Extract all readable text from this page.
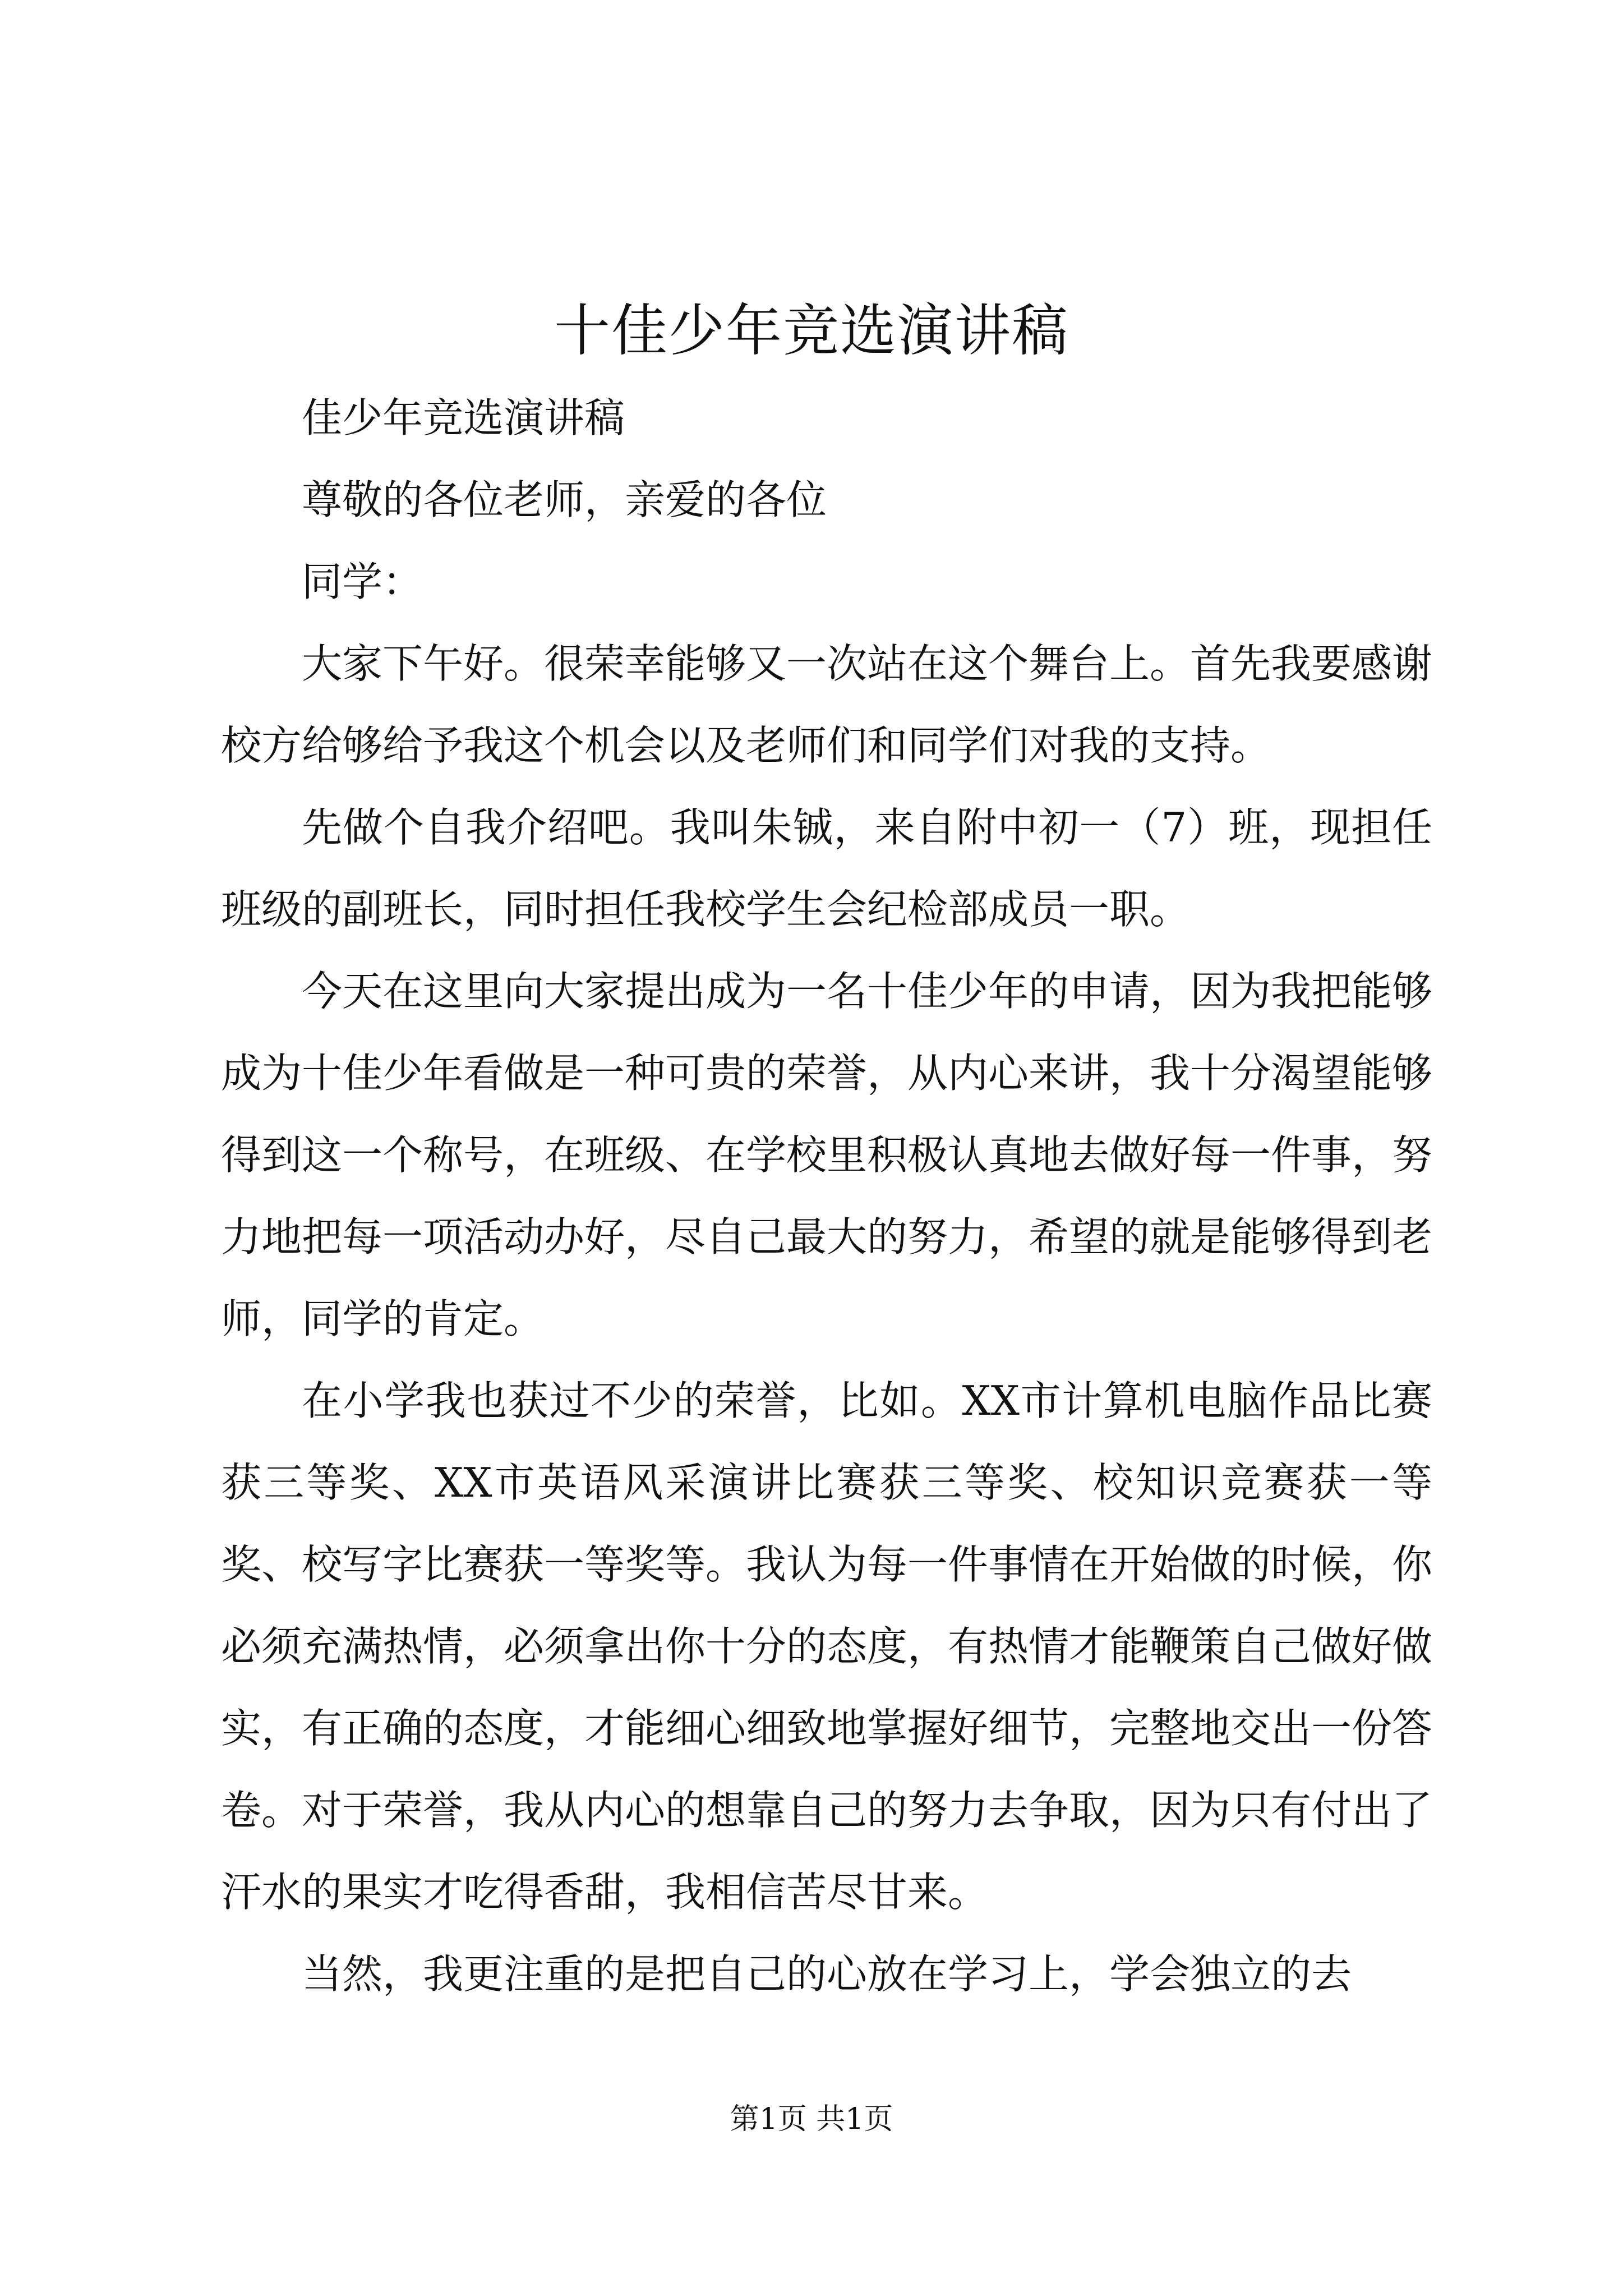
十佳少年竞选演讲稿

佳少年竞选演讲稿

尊敬的各位老师，亲爱的各位

同学：

大家下午好。很荣幸能够又一次站在这个舞台上。首先我要感谢校方给够给予我这个机会以及老师们和同学们对我的支持。

先做个自我介绍吧。我叫朱铖，来自附中初一（7）班，现担任班级的副班长，同时担任我校学生会纪检部成员一职。

今天在这里向大家提出成为一名十佳少年的申请，因为我把能够成为十佳少年看做是一种可贵的荣誉，从内心来讲，我十分渴望能够得到这一个称号，在班级、在学校里积极认真地去做好每一件事，努力地把每一项活动办好，尽自己最大的努力，希望的就是能够得到老师，同学的肯定。

在小学我也获过不少的荣誉，比如。XX市计算机电脑作品比赛获三等奖、XX市英语风采演讲比赛获三等奖、校知识竞赛获一等奖、校写字比赛获一等奖等。我认为每一件事情在开始做的时候，你必须充满热情，必须拿出你十分的态度，有热情才能鞭策自己做好做实，有正确的态度，才能细心细致地掌握好细节，完整地交出一份答卷。对于荣誉，我从内心的想靠自己的努力去争取，因为只有付出了汗水的果实才吃得香甜，我相信苦尽甘来。

当然，我更注重的是把自己的心放在学习上，学会独立的去

第1页 共1页
